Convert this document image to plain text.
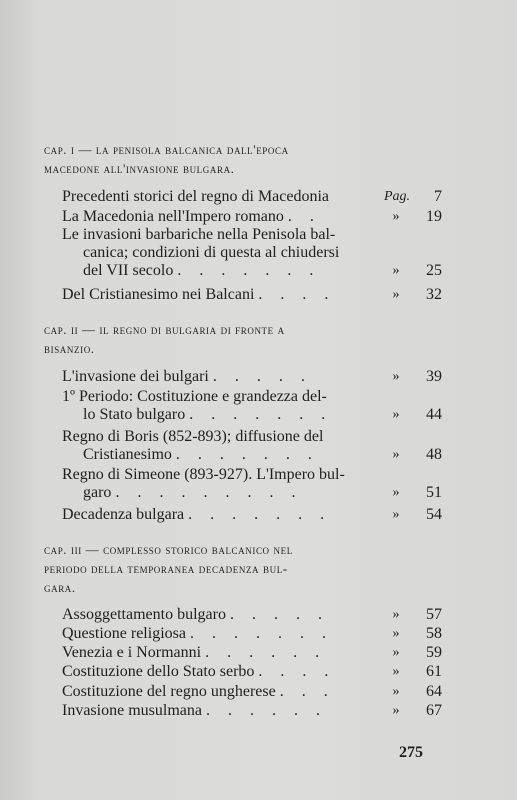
cap. i — la penisola balcanica dall'epoca
macedone all'invasione bulgara.
Precedenti storici del regno di Macedonia	Pag.	7
La Macedonia nell'Impero romano . .	»	19
Le invasioni barbariche nella Penisola bal-
canica; condizioni di questa al chiudersi
del VII secolo . . . . . . .	»	25
Del Cristianesimo nei Balcani . . . .	»	32
cap. ii — il regno di bulgaria di fronte a
bisanzio.
L'invasione dei bulgari . . . . .	»	39
1º Periodo: Costituzione e grandezza del-
lo Stato bulgaro . . . . . . .	»	44
Regno di Boris (852-893); diffusione del
Cristianesimo . . . . . . .	»	48
Regno di Simeone (893-927). L'Impero bul-
garo . . . . . . . . .	»	51
Decadenza bulgara . . . . . . .	»	54
cap. iii — complesso storico balcanico nel
periodo della temporanea decadenza bul-
gara.
Assoggettamento bulgaro . . . . .	»	57
Questione religiosa . . . . . . .	»	58
Venezia e i Normanni . . . . . .	»	59
Costituzione dello Stato serbo . . . .	»	61
Costituzione del regno ungherese . . .	»	64
Invasione musulmana . . . . . .	»	67
275
